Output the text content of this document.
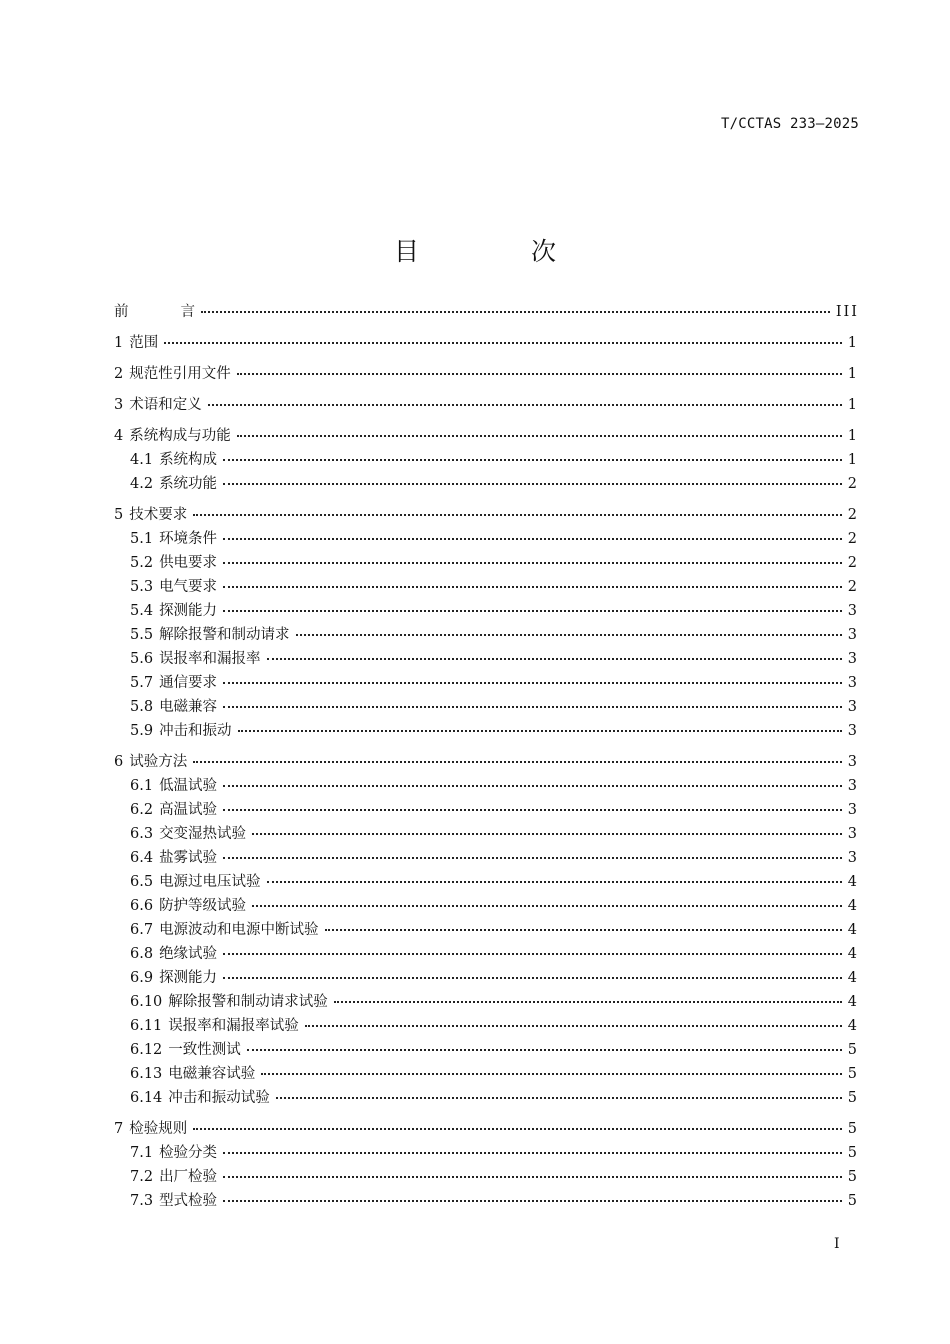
T/CCTAS 233—2025
目 次
前言	III
1 范围	1
2 规范性引用文件	1
3 术语和定义	1
4 系统构成与功能	1
4.1 系统构成	1
4.2 系统功能	2
5 技术要求	2
5.1 环境条件	2
5.2 供电要求	2
5.3 电气要求	2
5.4 探测能力	3
5.5 解除报警和制动请求	3
5.6 误报率和漏报率	3
5.7 通信要求	3
5.8 电磁兼容	3
5.9 冲击和振动	3
6 试验方法	3
6.1 低温试验	3
6.2 高温试验	3
6.3 交变湿热试验	3
6.4 盐雾试验	3
6.5 电源过电压试验	4
6.6 防护等级试验	4
6.7 电源波动和电源中断试验	4
6.8 绝缘试验	4
6.9 探测能力	4
6.10 解除报警和制动请求试验	4
6.11 误报率和漏报率试验	4
6.12 一致性测试	5
6.13 电磁兼容试验	5
6.14 冲击和振动试验	5
7 检验规则	5
7.1 检验分类	5
7.2 出厂检验	5
7.3 型式检验	5
I
